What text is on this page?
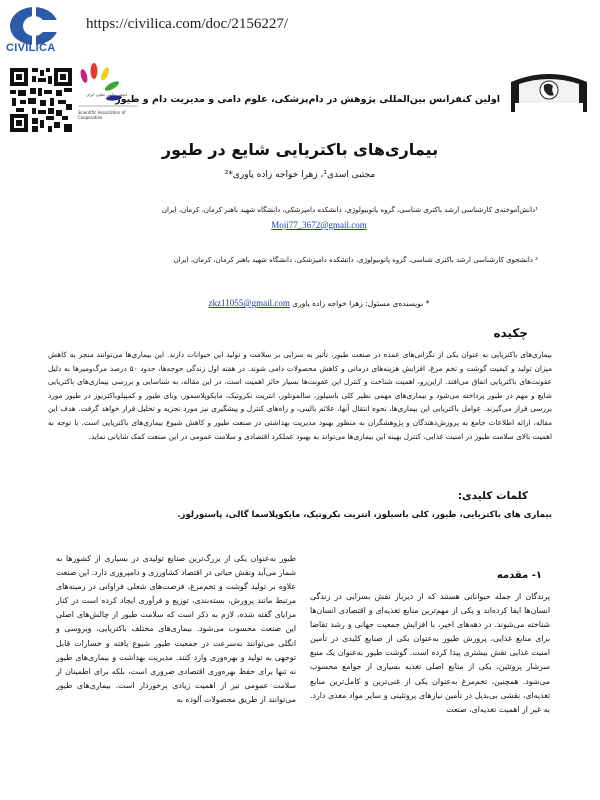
CIVILICA
https://civilica.com/doc/2156227/
انجمن علمی تعاون ایران
Scientific Association of Cooperation
اولین کنفرانس بین‌المللی پژوهش در دام‌پزشکی، علوم دامی و مدیریت دام و طیور
بیماری‌های باکتریایی شایع در طیور
مجتبی اسدی¹، زهرا خواجه زاده یاوری*²
¹دانش‌آموخته‌ی کارشناسی ارشد باکتری شناسی، گروه پاتوبیولوژی، دانشکده دامپزشکی، دانشگاه شهید باهنر کرمان، کرمان، ایران
Moji77_3672@gmail.com
² دانشجوی کارشناسی ارشد باکتری شناسی، گروه پاتوبیولوژی، دانشکده دامپزشکی، دانشگاه شهید باهنر کرمان، کرمان، ایران
* نویسنده‌ی مسئول: زهرا خواجه زاده یاوری zkz11055@gmail.com
چکیده
بیماری‌های باکتریایی به عنوان یکی از نگرانی‌های عمده در صنعت طیور، تأثیر به سزایی بر سلامت و تولید این حیوانات دارند. این بیماری‌ها می‌توانند منجر به کاهش میزان تولید و کیفیت گوشت و تخم مرغ، افزایش هزینه‌های درمانی و کاهش محصولات دامی شوند. در هفته اول زندگی جوجه‌ها، حدود ۵۰ درصد مرگ‌ومیرها به دلیل عفونت‌های باکتریایی اتفاق می‌افتد. ازاین‌رو، اهمیت شناخت و کنترل این عفونت‌ها بسیار حائز اهمیت است. در این مقاله، به شناسایی و بررسی بیماری‌های باکتریایی شایع و مهم در طیور پرداخته می‌شود و بیماری‌های مهمی نظیر کلی باسیلوز، سالمونلوز، انتریت نکروتیک، مایکوپلاسموز، وبای طیور و کمپیلوباکتریوز در طیور مورد بررسی قرار می‌گیرند. عوامل باکتریایی این بیماری‌ها، نحوه انتقال آنها، علائم بالینی، و راه‌های کنترل و پیشگیری نیز مورد تجزیه و تحلیل قرار خواهد گرفت. هدف این مقاله، ارائه اطلاعات جامع به پرورش‌دهندگان و پژوهشگران به منظور بهبود مدیریت بهداشتی در صنعت طیور و کاهش شیوع بیماری‌های باکتریایی است. با توجه به اهمیت بالای سلامت طیور در امنیت غذایی، کنترل بهینه این بیماری‌ها می‌تواند به بهبود عملکرد اقتصادی و سلامت عمومی در این صنعت کمک شایانی نماید.
کلمات کلیدی:
بیماری های باکتریایی، طیور، کلی باسیلوز، انتریت نکروتیک، مایکوپلاسما گالی، پاستورلوز.
۱- مقدمه
پرندگان از جمله حیواناتی هستند که از دیرباز نقش بسزایی در زندگی انسان‌ها ایفا کرده‌اند و یکی از مهم‌ترین منابع تغذیه‌ای و اقتصادی انسان‌ها شناخته می‌شوند. در دهه‌های اخیر، با افزایش جمعیت جهانی و رشد تقاضا برای منابع غذایی، پرورش طیور به‌عنوان یکی از صنایع کلیدی در تأمین امنیت غذایی نقش بیشتری پیدا کرده است. گوشت طیور به‌عنوان یک منبع سرشار پروتئین، یکی از منابع اصلی تغذیه بسیاری از جوامع محسوب می‌شود. همچنین، تخم‌مرغ به‌عنوان یکی از غنی‌ترین و کامل‌ترین منابع تغذیه‌ای، نقشی بی‌بدیل در تأمین نیازهای پروتئینی و سایر مواد مغذی دارد. به غیر از اهمیت تغذیه‌ای، صنعت
طیور به‌عنوان یکی از بزرگ‌ترین صنایع تولیدی در بسیاری از کشورها به شمار می‌آید ونقش حیاتی در اقتصاد کشاورزی و دامپروری دارد. این صنعت علاوه بر تولید گوشت و تخم‌مرغ، فرصت‌های شغلی فراوانی در زمینه‌های مرتبط مانند پرورش، بسته‌بندی، توزیع و فرآوری ایجاد کرده است در کنار مزایای گفته شده، لازم به ذکر است که سلامت طیور از چالش‌های اصلی این صنعت محسوب می‌شود. بیماری‌های مختلف باکتریایی، ویروسی و انگلی می‌توانند به‌سرعت در جمعیت طیور شیوع یافته و خسارات قابل توجهی به تولید و بهره‌وری وارد کنند. مدیریت بهداشت و بیماری‌های طیور نه تنها برای حفظ بهره‌وری اقتصادی ضروری است، بلکه برای اطمینان از سلامت عمومی نیز از اهمیت زیادی برخوردار است. بیماری‌های طیور می‌توانند از طریق محصولات آلوده به
